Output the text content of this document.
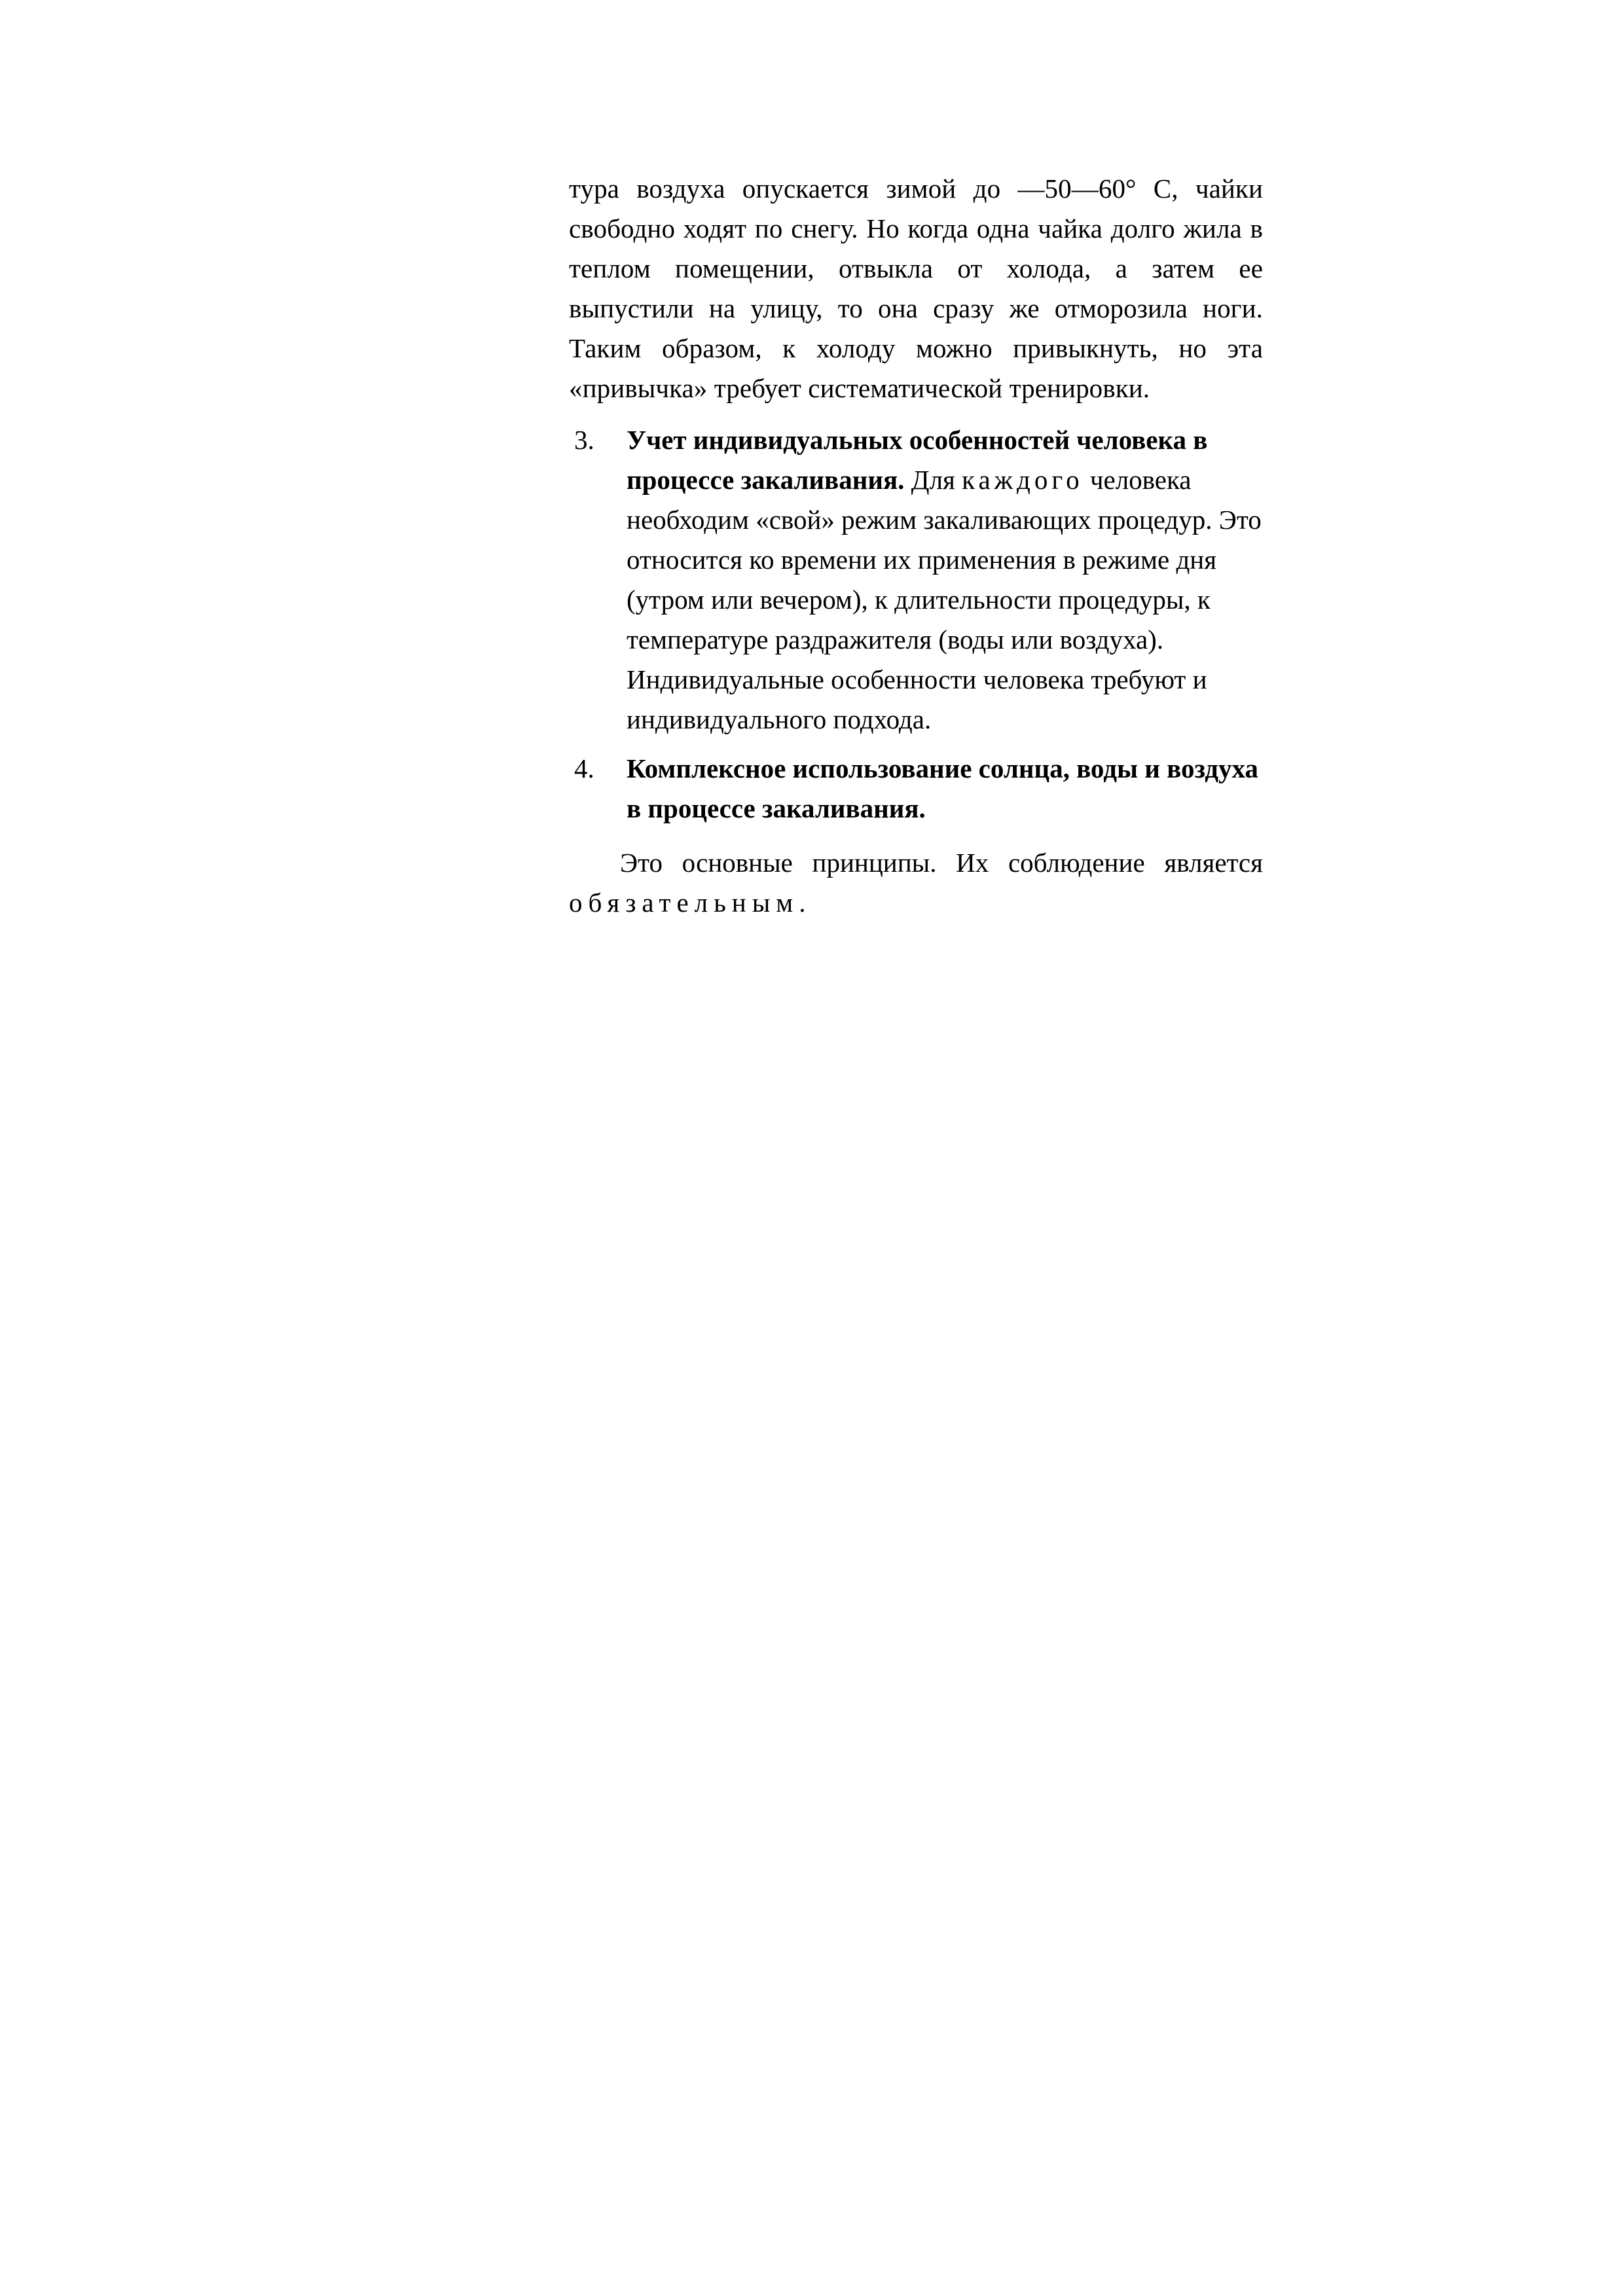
тура воздуха опускается зимой до —50—60° С, чайки свободно ходят по снегу. Но когда одна чайка долго жила в теплом помещении, отвыкла от холода, а затем ее выпустили на улицу, то она сразу же отморозила ноги. Таким образом, к холоду можно привыкнуть, но эта «привычка» требует систематической тренировки.

3.	Учет индивидуальных особенностей человека в процессе закаливания. Для каждого человека необходим «свой» режим закаливающих процедур. Это относится ко времени их применения в режиме дня (утром или вечером), к длительности процедуры, к температуре раздражителя (воды или воздуха). Индивидуальные особенности человека требуют и индивидуального подхода.
4.	Комплексное использование солнца, воды и воздуха в процессе закаливания.

Это основные принципы. Их соблюдение является обязательным.
